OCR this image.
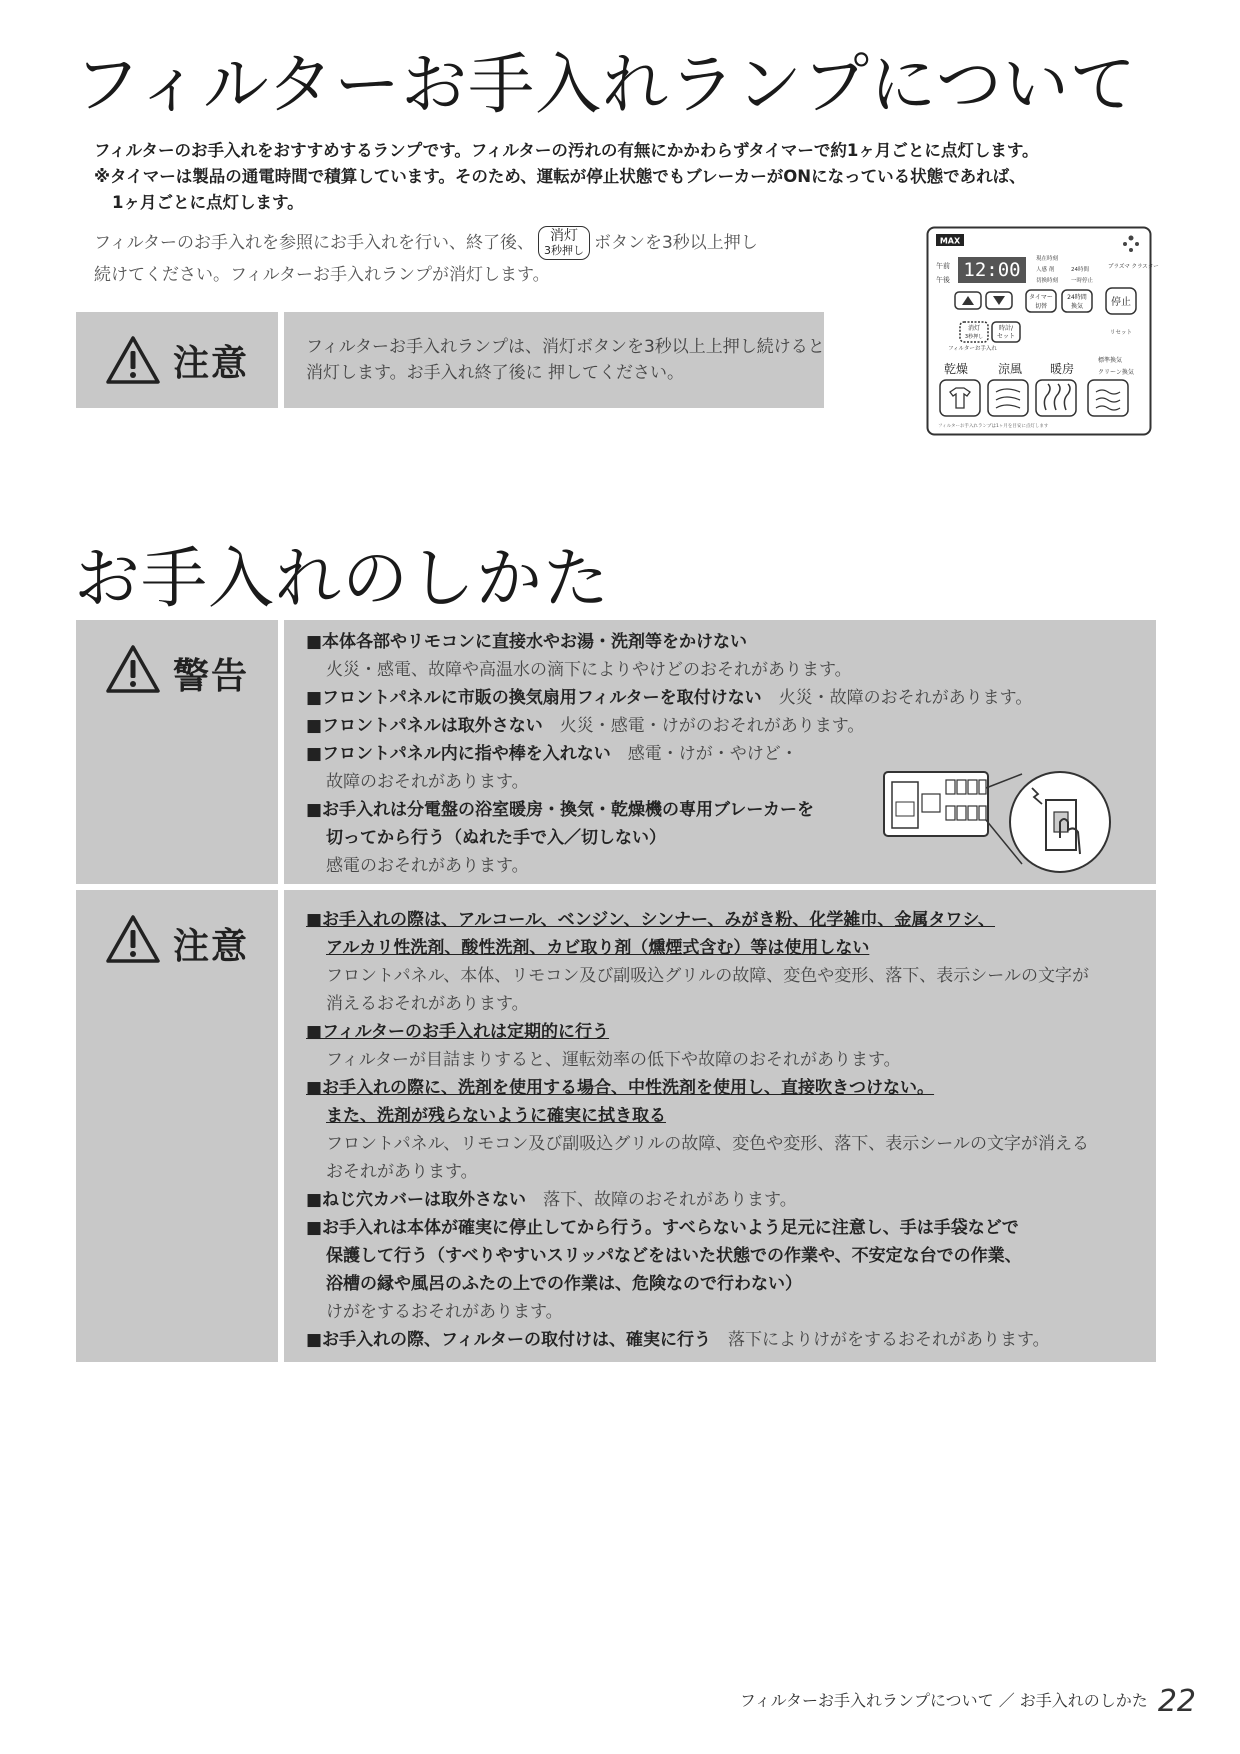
フィルターお手入れランプについて
フィルターのお手入れをおすすめするランプです。フィルターの汚れの有無にかかわらずタイマーで約1ヶ月ごとに点灯します。
※タイマーは製品の通電時間で積算しています。そのため、運転が停止状態でもブレーカーがONになっている状態であれば、
1ヶ月ごとに点灯します。
フィルターのお手入れを参照にお手入れを行い、終了後、	消灯
3秒押し ボタンを3秒以上押し
続けてください。フィルターお手入れランプが消灯します。
注意	フィルターお手入れランプは、消灯ボタンを3秒以上上押し続けると消灯します。お手入れ終了後に 押してください。
MAX
午前
午後 12:00	現在時刻
人感 剤	24時間
切換時刻 一時停止
プラズマ クラスター
タイマー
切替
24時間
換気	停止
消灯
3秒押し
時計/
セット	リセット
フィルターお手入れ
乾燥 涼風 暖房
標準換気
クリーン換気
フィルターお手入れランプは1ヶ月を目安に点灯します
お手入れのしかた
警告
■本体各部やリモコンに直接水やお湯・洗剤等をかけない
火災・感電、故障や高温水の滴下によりやけどのおそれがあります。
■フロントパネルに市販の換気扇用フィルターを取付けない　 火災・故障のおそれがあります。
■フロントパネルは取外さない　 火災・感電・けがのおそれがあります。
■フロントパネル内に指や棒を入れない　 感電・けが・やけど・
故障のおそれがあります。
■お手入れは分電盤の浴室暖房・換気・乾燥機の専用ブレーカーを
切ってから行う（ぬれた手で入／切しない）
感電のおそれがあります。
注意
■お手入れの際は、アルコール、ベンジン、シンナー、みがき粉、化学雑巾、金属タワシ、
アルカリ性洗剤、酸性洗剤、カビ取り剤（燻煙式含む）等は使用しない
フロントパネル、本体、リモコン及び副吸込グリルの故障、変色や変形、落下、表示シールの文字が
消えるおそれがあります。
■フィルターのお手入れは定期的に行う
フィルターが目詰まりすると、運転効率の低下や故障のおそれがあります。
■お手入れの際に、洗剤を使用する場合、中性洗剤を使用し、直接吹きつけない。
また、洗剤が残らないように確実に拭き取る
フロントパネル、リモコン及び副吸込グリルの故障、変色や変形、落下、表示シールの文字が消える
おそれがあります。
■ねじ穴カバーは取外さない　 落下、故障のおそれがあります。
■お手入れは本体が確実に停止してから行う。すべらないよう足元に注意し、手は手袋などで
保護して行う（すべりやすいスリッパなどをはいた状態での作業や、不安定な台での作業、
浴槽の縁や風呂のふたの上での作業は、危険なので行わない）
けがをするおそれがあります。
■お手入れの際、フィルターの取付けは、確実に行う　 落下によりけがをするおそれがあります。
フィルターお手入れランプについて ／ お手入れのしかた 22
